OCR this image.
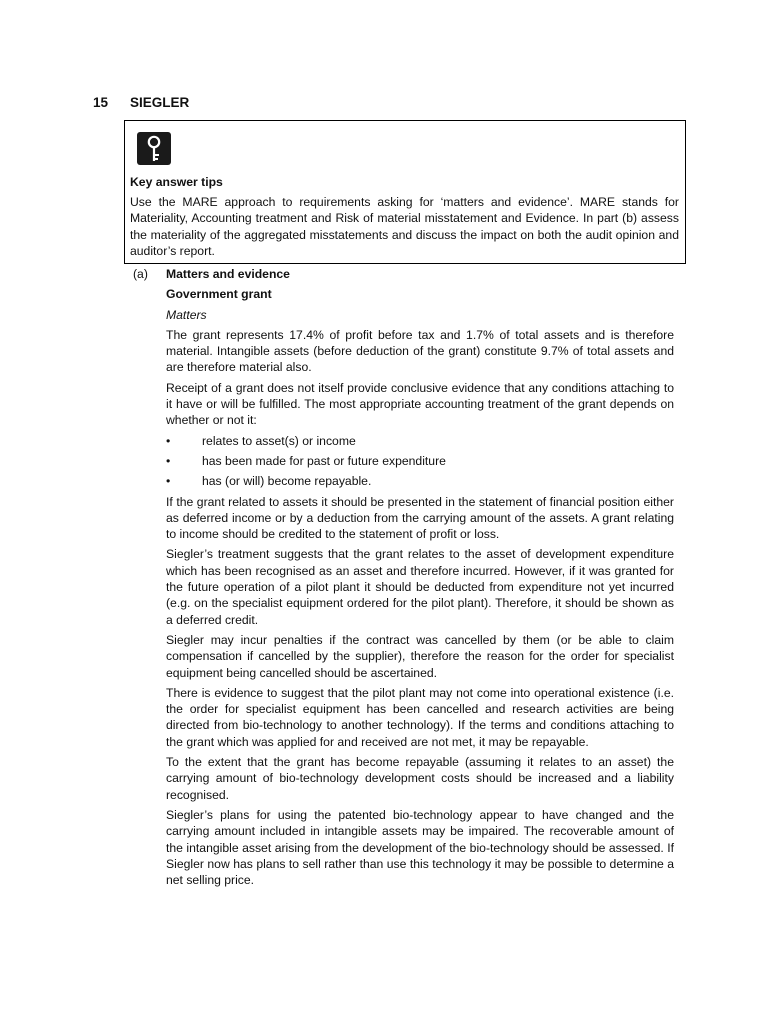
15	SIEGLER
Key answer tips
Use the MARE approach to requirements asking for ‘matters and evidence’. MARE stands for Materiality, Accounting treatment and Risk of material misstatement and Evidence. In part (b) assess the materiality of the aggregated misstatements and discuss the impact on both the audit opinion and auditor’s report.
(a)	Matters and evidence
Government grant
Matters

The grant represents 17.4% of profit before tax and 1.7% of total assets and is therefore material. Intangible assets (before deduction of the grant) constitute 9.7% of total assets and are therefore material also.

Receipt of a grant does not itself provide conclusive evidence that any conditions attaching to it have or will be fulfilled. The most appropriate accounting treatment of the grant depends on whether or not it:

•	relates to asset(s) or income
•	has been made for past or future expenditure
•	has (or will) become repayable.

If the grant related to assets it should be presented in the statement of financial position either as deferred income or by a deduction from the carrying amount of the assets. A grant relating to income should be credited to the statement of profit or loss.

Siegler’s treatment suggests that the grant relates to the asset of development expenditure which has been recognised as an asset and therefore incurred. However, if it was granted for the future operation of a pilot plant it should be deducted from expenditure not yet incurred (e.g. on the specialist equipment ordered for the pilot plant). Therefore, it should be shown as a deferred credit.

Siegler may incur penalties if the contract was cancelled by them (or be able to claim compensation if cancelled by the supplier), therefore the reason for the order for specialist equipment being cancelled should be ascertained.

There is evidence to suggest that the pilot plant may not come into operational existence (i.e. the order for specialist equipment has been cancelled and research activities are being directed from bio-technology to another technology). If the terms and conditions attaching to the grant which was applied for and received are not met, it may be repayable.

To the extent that the grant has become repayable (assuming it relates to an asset) the carrying amount of bio-technology development costs should be increased and a liability recognised.

Siegler’s plans for using the patented bio-technology appear to have changed and the carrying amount included in intangible assets may be impaired. The recoverable amount of the intangible asset arising from the development of the bio-technology should be assessed. If Siegler now has plans to sell rather than use this technology it may be possible to determine a net selling price.
